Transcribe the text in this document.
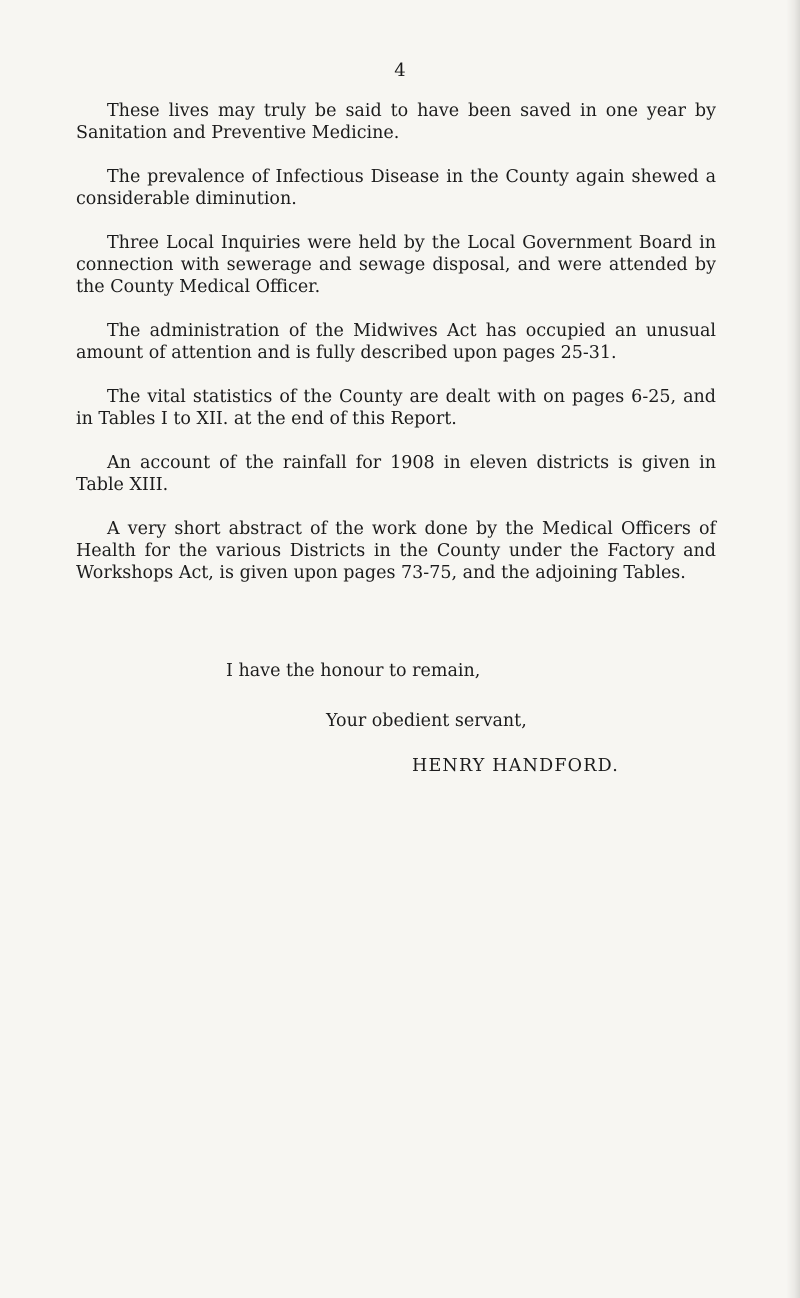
4

These lives may truly be said to have been saved in one year by Sanitation and Preventive Medicine.

The prevalence of Infectious Disease in the County again shewed a considerable diminution.

Three Local Inquiries were held by the Local Government Board in connection with sewerage and sewage disposal, and were attended by the County Medical Officer.

The administration of the Midwives Act has occupied an unusual amount of attention and is fully described upon pages 25-31.

The vital statistics of the County are dealt with on pages 6-25, and in Tables I to XII. at the end of this Report.

An account of the rainfall for 1908 in eleven districts is given in Table XIII.

A very short abstract of the work done by the Medical Officers of Health for the various Districts in the County under the Factory and Workshops Act, is given upon pages 73-75, and the adjoining Tables.

I have the honour to remain,
Your obedient servant,
HENRY HANDFORD.
